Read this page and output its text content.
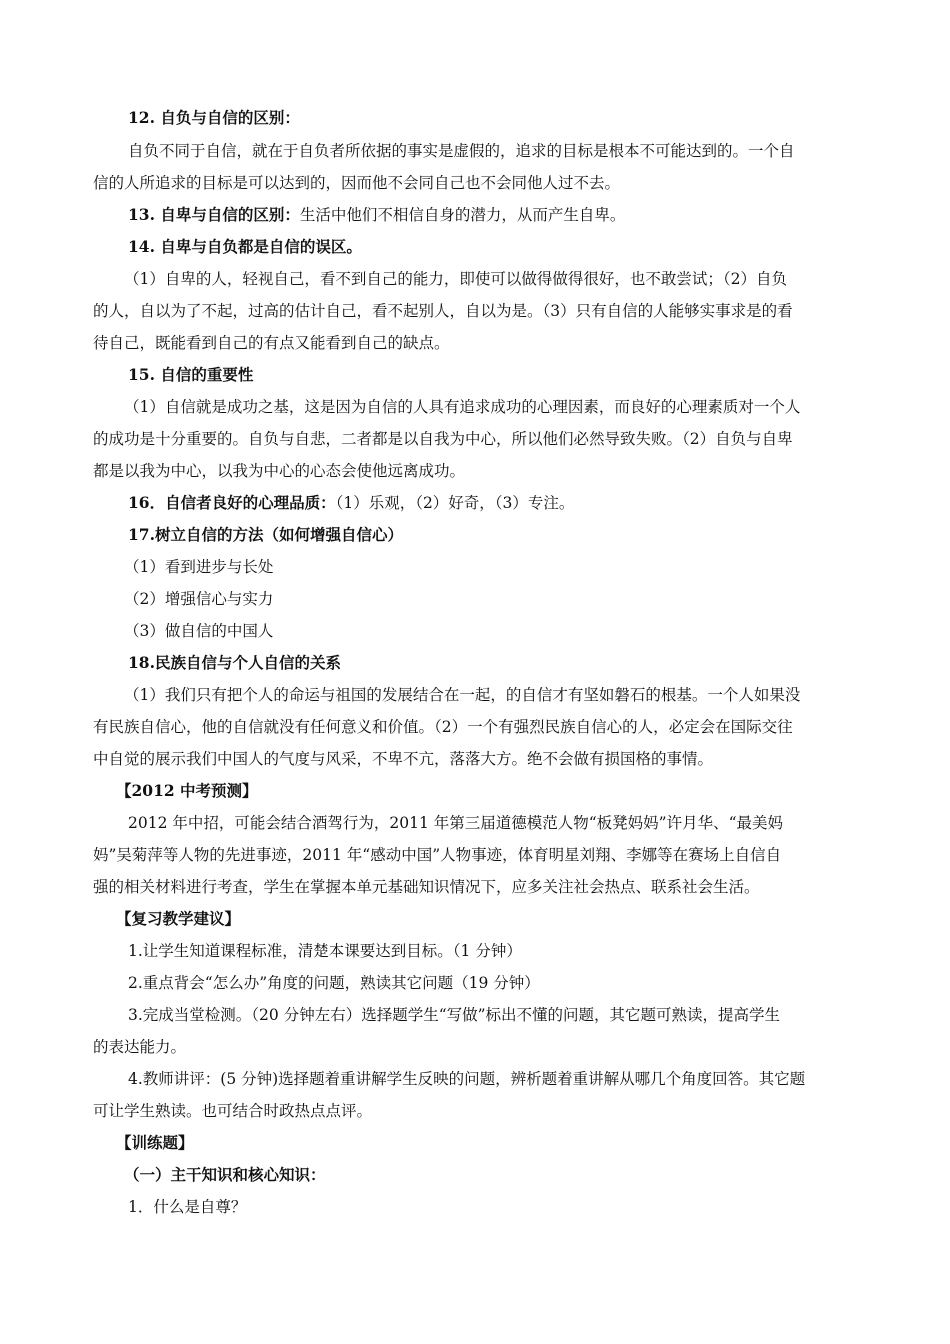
12. 自负与自信的区别：
自负不同于自信，就在于自负者所依据的事实是虚假的，追求的目标是根本不可能达到的。一个自
信的人所追求的目标是可以达到的，因而他不会同自己也不会同他人过不去。
13. 自卑与自信的区别：生活中他们不相信自身的潜力，从而产生自卑。
14. 自卑与自负都是自信的误区。
（1）自卑的人，轻视自己，看不到自己的能力，即使可以做得做得很好，也不敢尝试；（2）自负
的人，自以为了不起，过高的估计自己，看不起别人，自以为是。（3）只有自信的人能够实事求是的看
待自己，既能看到自己的有点又能看到自己的缺点。
15. 自信的重要性
（1）自信就是成功之基，这是因为自信的人具有追求成功的心理因素，而良好的心理素质对一个人
的成功是十分重要的。自负与自悲，二者都是以自我为中心，所以他们必然导致失败。（2）自负与自卑
都是以我为中心，以我为中心的心态会使他远离成功。
16．自信者良好的心理品质：（1）乐观，（2）好奇，（3）专注。
17.树立自信的方法（如何增强自信心）
（1）看到进步与长处
（2）增强信心与实力
（3）做自信的中国人
18.民族自信与个人自信的关系
（1）我们只有把个人的命运与祖国的发展结合在一起，的自信才有坚如磐石的根基。一个人如果没
有民族自信心，他的自信就没有任何意义和价值。（2）一个有强烈民族自信心的人，必定会在国际交往
中自觉的展示我们中国人的气度与风采，不卑不亢，落落大方。绝不会做有损国格的事情。
【2012 中考预测】
2012 年中招，可能会结合酒驾行为，2011 年第三届道德模范人物“板凳妈妈”许月华、“最美妈
妈”吴菊萍等人物的先进事迹，2011 年“感动中国”人物事迹，体育明星刘翔、李娜等在赛场上自信自
强的相关材料进行考查，学生在掌握本单元基础知识情况下，应多关注社会热点、联系社会生活。
【复习教学建议】
1.让学生知道课程标准，清楚本课要达到目标。（1 分钟）
2.重点背会“怎么办”角度的问题，熟读其它问题（19 分钟）
3.完成当堂检测。（20 分钟左右）选择题学生“写做”标出不懂的问题，其它题可熟读，提高学生
的表达能力。
4.教师讲评：(5 分钟)选择题着重讲解学生反映的问题，辨析题着重讲解从哪几个角度回答。其它题
可让学生熟读。也可结合时政热点点评。
【训练题】
（一）主干知识和核心知识：
1．什么是自尊？
